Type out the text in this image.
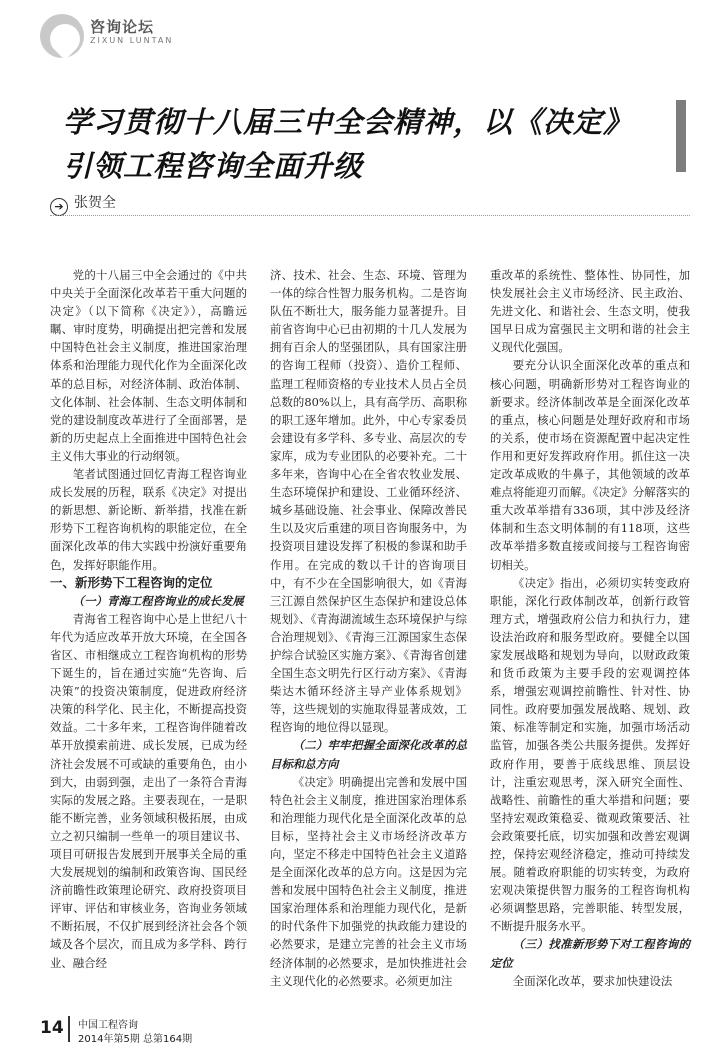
咨询论坛
ZIXUN LUNTAN
学习贯彻十八届三中全会精神，以《决定》
引领工程咨询全面升级
➔ 张贺全

党的十八届三中全会通过的《中共中央关于全面深化改革若干重大问题的决定》（以下简称《决定》），高瞻远瞩、审时度势，明确提出把完善和发展中国特色社会主义制度，推进国家治理体系和治理能力现代化作为全面深化改革的总目标，对经济体制、政治体制、文化体制、社会体制、生态文明体制和党的建设制度改革进行了全面部署，是新的历史起点上全面推进中国特色社会主义伟大事业的行动纲领。

笔者试图通过回忆青海工程咨询业成长发展的历程，联系《决定》对提出的新思想、新论断、新举措，找准在新形势下工程咨询机构的职能定位，在全面深化改革的伟大实践中扮演好重要角色，发挥好职能作用。

一、新形势下工程咨询的定位

（一）青海工程咨询业的成长发展

青海省工程咨询中心是上世纪八十年代为适应改革开放大环境，在全国各省区、市相继成立工程咨询机构的形势下诞生的，旨在通过实施“先咨询、后决策”的投资决策制度，促进政府经济决策的科学化、民主化，不断提高投资效益。二十多年来，工程咨询伴随着改革开放摸索前进、成长发展，已成为经济社会发展不可或缺的重要角色，由小到大，由弱到强，走出了一条符合青海实际的发展之路。主要表现在，一是职能不断完善，业务领域积极拓展，由成立之初只编制一些单一的项目建议书、项目可研报告发展到开展事关全局的重大发展规划的编制和政策咨询、国民经济前瞻性政策理论研究、政府投资项目评审、评估和审核业务，咨询业务领域不断拓展，不仅扩展到经济社会各个领域及各个层次，而且成为多学科、跨行业、融合经

济、技术、社会、生态、环境、管理为一体的综合性智力服务机构。二是咨询队伍不断壮大，服务能力显著提升。目前省咨询中心已由初期的十几人发展为拥有百余人的坚强团队，具有国家注册的咨询工程师（投资）、造价工程师、监理工程师资格的专业技术人员占全员总数的80%以上，具有高学历、高职称的职工逐年增加。此外，中心专家委员会建设有多学科、多专业、高层次的专家库，成为专业团队的必要补充。二十多年来，咨询中心在全省农牧业发展、生态环境保护和建设、工业循环经济、城乡基础设施、社会事业、保障改善民生以及灾后重建的项目咨询服务中，为投资项目建设发挥了积极的参谋和助手作用。在完成的数以千计的咨询项目中，有不少在全国影响很大，如《青海三江源自然保护区生态保护和建设总体规划》、《青海湖流域生态环境保护与综合治理规划》、《青海三江源国家生态保护综合试验区实施方案》、《青海省创建全国生态文明先行区行动方案》、《青海柴达木循环经济主导产业体系规划》等，这些规划的实施取得显著成效，工程咨询的地位得以显现。

（二）牢牢把握全面深化改革的总目标和总方向

《决定》明确提出完善和发展中国特色社会主义制度，推进国家治理体系和治理能力现代化是全面深化改革的总目标，坚持社会主义市场经济改革方向，坚定不移走中国特色社会主义道路是全面深化改革的总方向。这是因为完善和发展中国特色社会主义制度，推进国家治理体系和治理能力现代化，是新的时代条件下加强党的执政能力建设的必然要求，是建立完善的社会主义市场经济体制的必然要求，是加快推进社会主义现代化的必然要求。必须更加注

重改革的系统性、整体性、协同性，加快发展社会主义市场经济、民主政治、先进文化、和谐社会、生态文明，使我国早日成为富强民主文明和谐的社会主义现代化强国。

要充分认识全面深化改革的重点和核心问题，明确新形势对工程咨询业的新要求。经济体制改革是全面深化改革的重点，核心问题是处理好政府和市场的关系，使市场在资源配置中起决定性作用和更好发挥政府作用。抓住这一决定改革成败的牛鼻子，其他领域的改革难点将能迎刃而解。《决定》分解落实的重大改革举措有336项，其中涉及经济体制和生态文明体制的有118项，这些改革举措多数直接或间接与工程咨询密切相关。

《决定》指出，必须切实转变政府职能，深化行政体制改革，创新行政管理方式，增强政府公信力和执行力，建设法治政府和服务型政府。要健全以国家发展战略和规划为导向，以财政政策和货币政策为主要手段的宏观调控体系，增强宏观调控前瞻性、针对性、协同性。政府要加强发展战略、规划、政策、标准等制定和实施，加强市场活动监管，加强各类公共服务提供。发挥好政府作用，要善于底线思维、顶层设计，注重宏观思考，深入研究全面性、战略性、前瞻性的重大举措和问题；要坚持宏观政策稳妥、微观政策要活、社会政策要托底，切实加强和改善宏观调控，保持宏观经济稳定，推动可持续发展。随着政府职能的切实转变，为政府宏观决策提供智力服务的工程咨询机构必须调整思路，完善职能、转型发展，不断提升服务水平。

（三）找准新形势下对工程咨询的定位

全面深化改革，要求加快建设法

14 中国工程咨询
2014年第5期 总第164期
